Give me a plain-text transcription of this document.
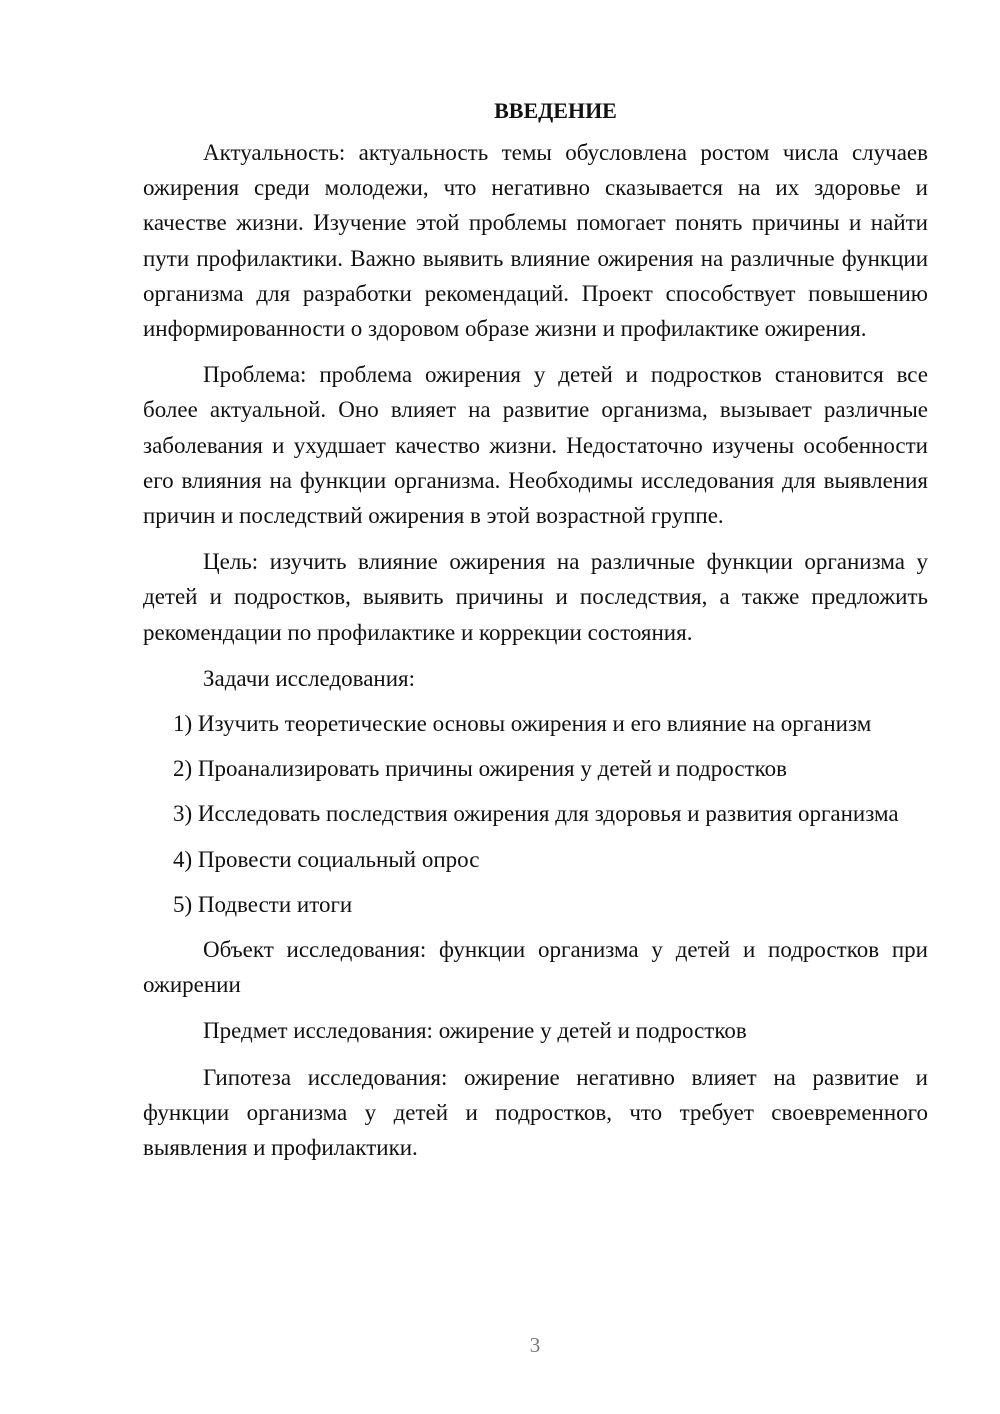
ВВЕДЕНИЕ

Актуальность: актуальность темы обусловлена ростом числа случаев ожирения среди молодежи, что негативно сказывается на их здоровье и качестве жизни. Изучение этой проблемы помогает понять причины и найти пути профилактики. Важно выявить влияние ожирения на различные функции организма для разработки рекомендаций. Проект способствует повышению информированности о здоровом образе жизни и профилактике ожирения.

Проблема: проблема ожирения у детей и подростков становится все более актуальной. Оно влияет на развитие организма, вызывает различные заболевания и ухудшает качество жизни. Недостаточно изучены особенности его влияния на функции организма. Необходимы исследования для выявления причин и последствий ожирения в этой возрастной группе.

Цель: изучить влияние ожирения на различные функции организма у детей и подростков, выявить причины и последствия, а также предложить рекомендации по профилактике и коррекции состояния.

Задачи исследования:

1) Изучить теоретические основы ожирения и его влияние на организм

2) Проанализировать причины ожирения у детей и подростков

3) Исследовать последствия ожирения для здоровья и развития организма

4) Провести социальный опрос

5) Подвести итоги

Объект исследования: функции организма у детей и подростков при ожирении

Предмет исследования: ожирение у детей и подростков

Гипотеза исследования: ожирение негативно влияет на развитие и функции организма у детей и подростков, что требует своевременного выявления и профилактики.

3
